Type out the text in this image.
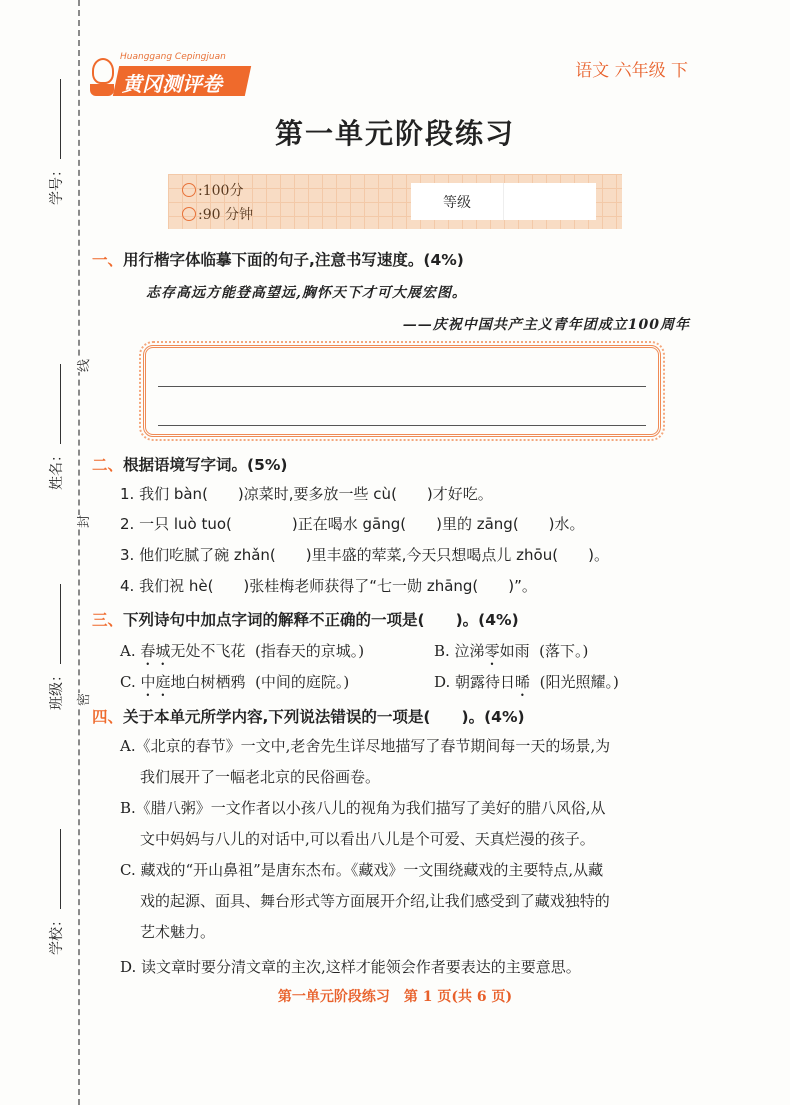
线
封
密
学号：
姓名：
班级：
学校：
Huanggang Cepingjuan
黄冈测评卷
语文 六年级 下
第一单元阶段练习
:100分
:90 分钟
等级
一、用行楷字体临摹下面的句子,注意书写速度。(4%)
志存高远方能登高望远,胸怀天下才可大展宏图。
——庆祝中国共产主义青年团成立100周年
二、根据语境写字词。(5%)
1. 我们 bàn(　　)凉菜时,要多放一些 cù(　　)才好吃。
2. 一只 luò tuo(　　　　)正在喝水 gāng(　　)里的 zāng(　　)水。
3. 他们吃腻了碗 zhǎn(　　)里丰盛的荤菜,今天只想喝点儿 zhōu(　　)。
4. 我们祝 hè(　　)张桂梅老师获得了“七一勋 zhāng(　　)”。
三、下列诗句中加点字词的解释不正确的一项是(　　)。(4%)
A. 春城无处不飞花 (指春天的京城。)	B. 泣涕零如雨 (落下。)
C. 中庭地白树栖鸦 (中间的庭院。)	D. 朝露待日晞 (阳光照耀。)
四、关于本单元所学内容,下列说法错误的一项是(　　)。(4%)
A.《北京的春节》一文中,老舍先生详尽地描写了春节期间每一天的场景,为
我们展开了一幅老北京的民俗画卷。
B.《腊八粥》一文作者以小孩八儿的视角为我们描写了美好的腊八风俗,从
文中妈妈与八儿的对话中,可以看出八儿是个可爱、天真烂漫的孩子。
C. 藏戏的“开山鼻祖”是唐东杰布。《藏戏》一文围绕藏戏的主要特点,从藏
戏的起源、面具、舞台形式等方面展开介绍,让我们感受到了藏戏独特的
艺术魅力。
D. 读文章时要分清文章的主次,这样才能领会作者要表达的主要意思。
第一单元阶段练习　第 1 页(共 6 页)
